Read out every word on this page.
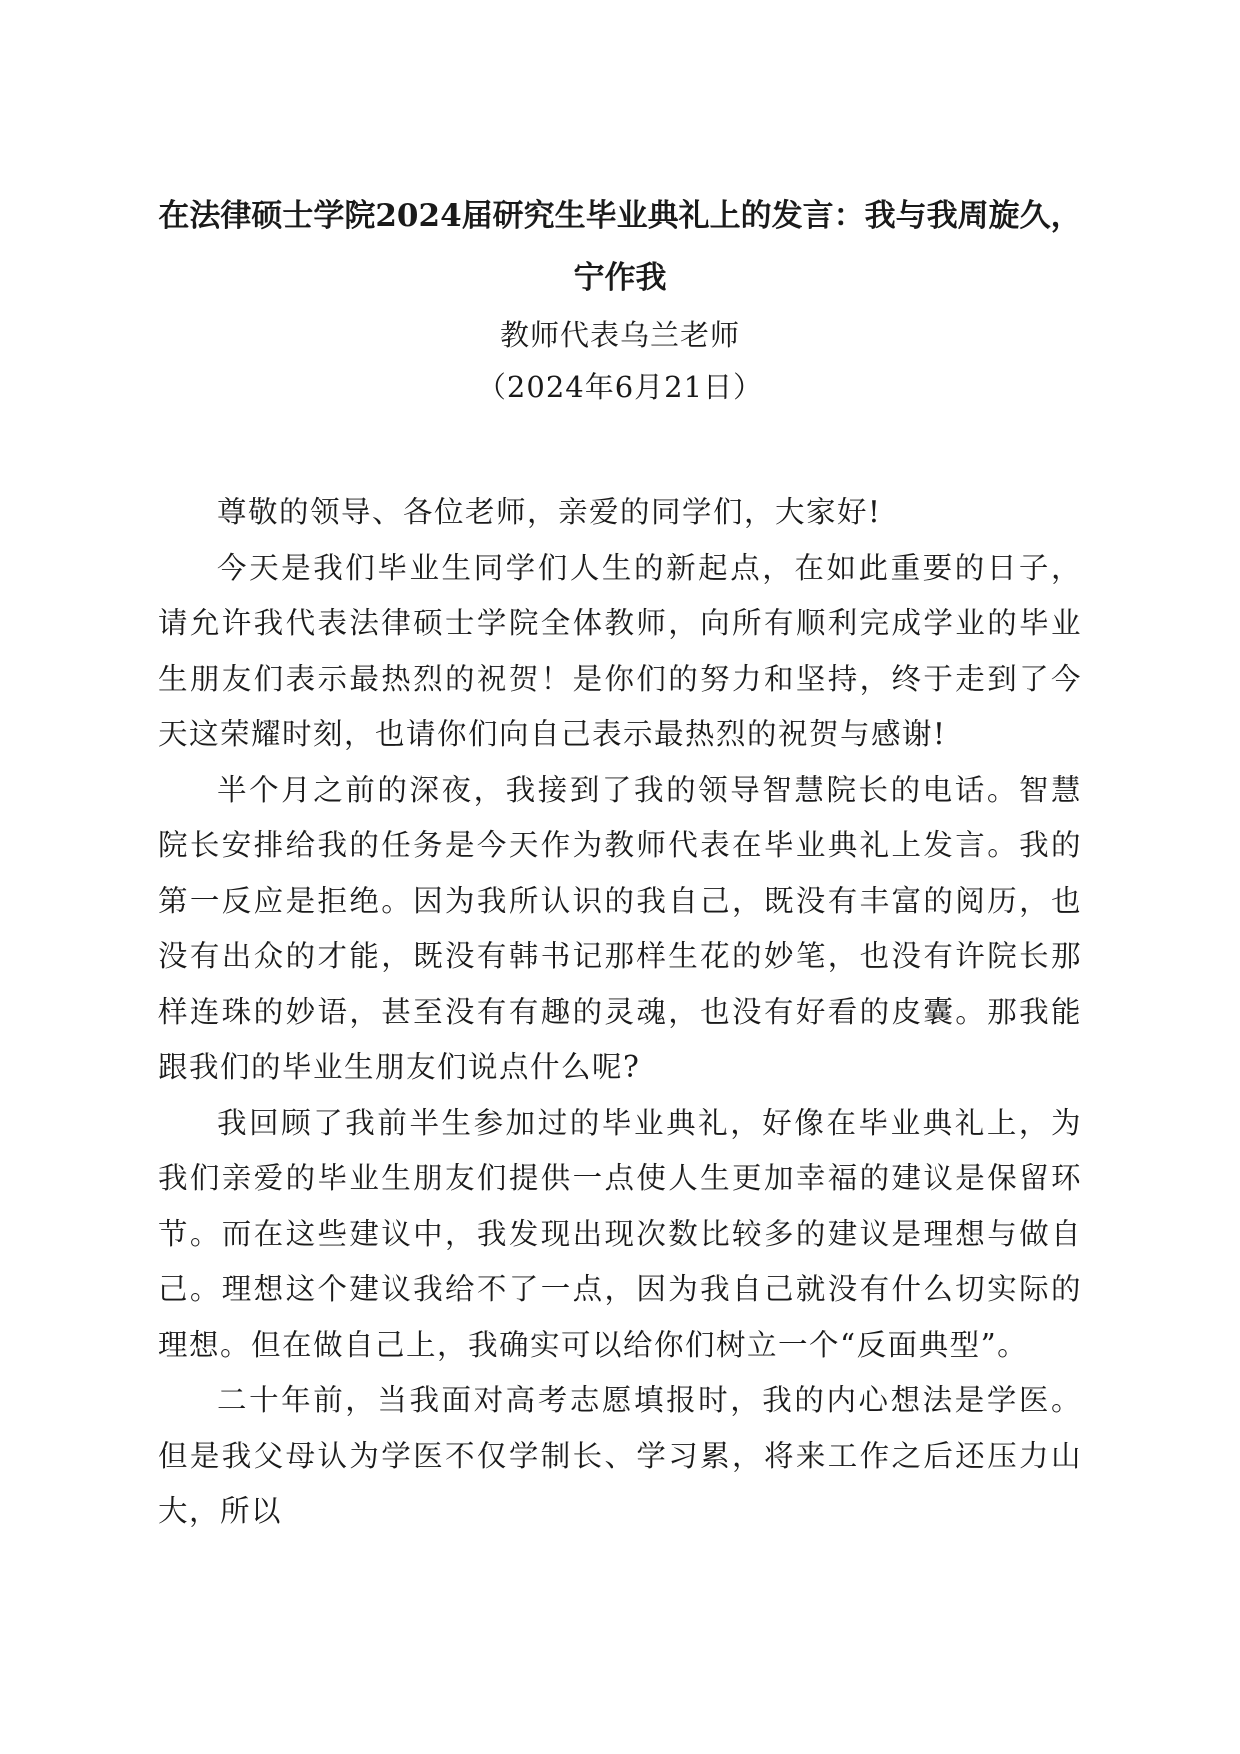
在法律硕士学院2024届研究生毕业典礼上的发言：我与我周旋久，宁作我
教师代表乌兰老师
（2024年6月21日）

尊敬的领导、各位老师，亲爱的同学们，大家好!

今天是我们毕业生同学们人生的新起点，在如此重要的日子，请允许我代表法律硕士学院全体教师，向所有顺利完成学业的毕业生朋友们表示最热烈的祝贺！是你们的努力和坚持，终于走到了今天这荣耀时刻，也请你们向自己表示最热烈的祝贺与感谢!

半个月之前的深夜，我接到了我的领导智慧院长的电话。智慧院长安排给我的任务是今天作为教师代表在毕业典礼上发言。我的第一反应是拒绝。因为我所认识的我自己，既没有丰富的阅历，也没有出众的才能，既没有韩书记那样生花的妙笔，也没有许院长那样连珠的妙语，甚至没有有趣的灵魂，也没有好看的皮囊。那我能跟我们的毕业生朋友们说点什么呢?

我回顾了我前半生参加过的毕业典礼，好像在毕业典礼上，为我们亲爱的毕业生朋友们提供一点使人生更加幸福的建议是保留环节。而在这些建议中，我发现出现次数比较多的建议是理想与做自己。理想这个建议我给不了一点，因为我自己就没有什么切实际的理想。但在做自己上，我确实可以给你们树立一个“反面典型”。

二十年前，当我面对高考志愿填报时，我的内心想法是学医。但是我父母认为学医不仅学制长、学习累，将来工作之后还压力山大，所以
